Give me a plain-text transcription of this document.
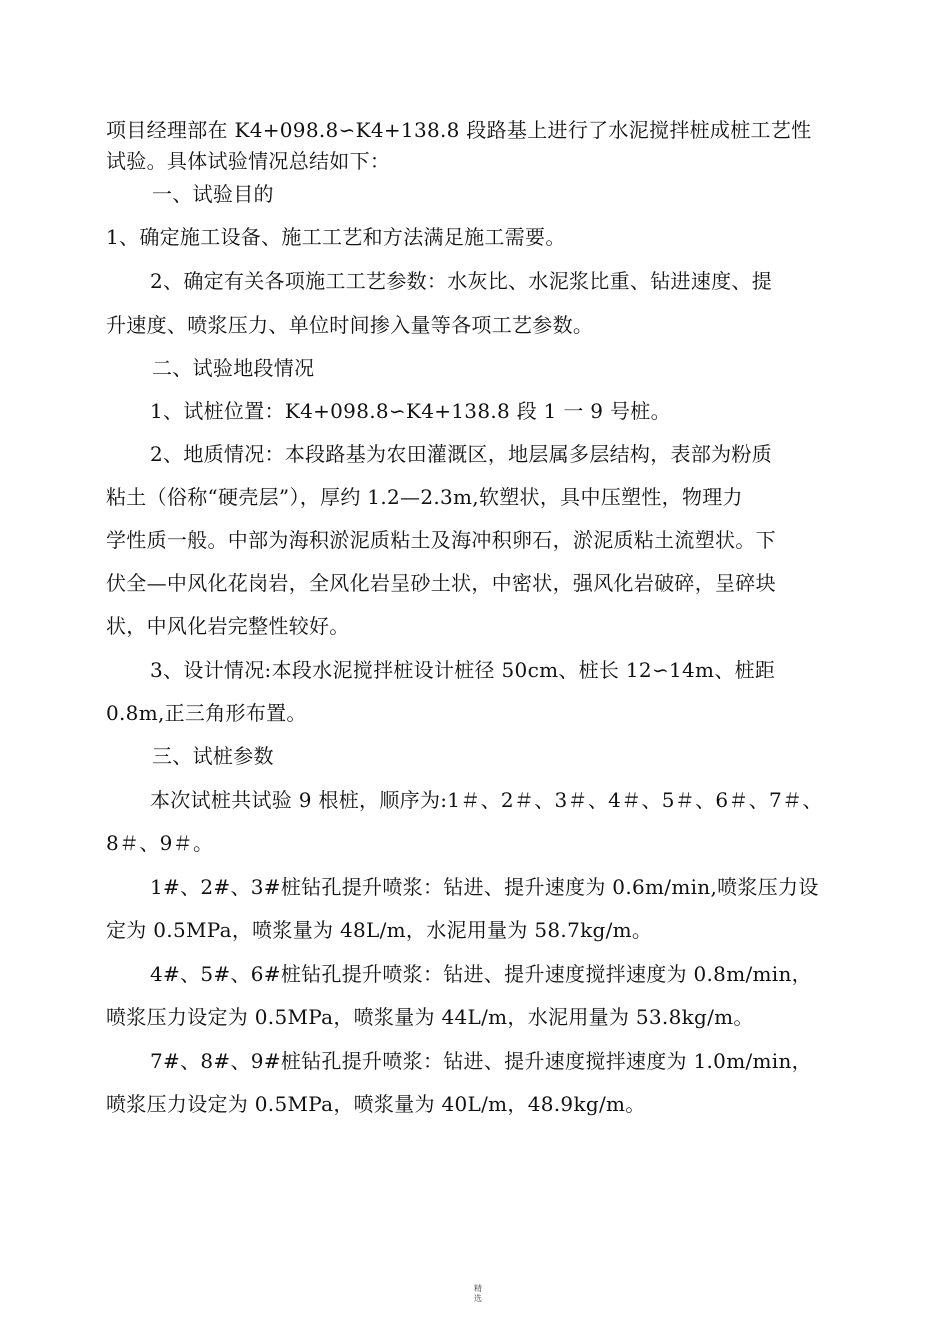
项目经理部在 K4+098.8∽K4+138.8 段路基上进行了水泥搅拌桩成桩工艺性
试验。具体试验情况总结如下：
一、试验目的
1、确定施工设备、施工工艺和方法满足施工需要。
2、确定有关各项施工工艺参数：水灰比、水泥浆比重、钻进速度、提
升速度、喷浆压力、单位时间掺入量等各项工艺参数。
二、试验地段情况
1、试桩位置：K4+098.8∽K4+138.8 段 1 一 9 号桩。
2、地质情况：本段路基为农田灌溉区，地层属多层结构，表部为粉质
粘土（俗称“硬壳层”），厚约 1.2—2.3m,软塑状，具中压塑性，物理力
学性质一般。中部为海积淤泥质粘土及海冲积卵石，淤泥质粘土流塑状。下
伏全—中风化花岗岩，全风化岩呈砂土状，中密状，强风化岩破碎，呈碎块
状，中风化岩完整性较好。
3、设计情况:本段水泥搅拌桩设计桩径 50cm、桩长 12∽14m、桩距
0.8m,正三角形布置。
三、试桩参数
本次试桩共试验 9 根桩，顺序为:1＃、2＃、3＃、4＃、5＃、6＃、7＃、
8＃、9＃。
1#、2#、3#桩钻孔提升喷浆：钻进、提升速度为 0.6m/min,喷浆压力设
定为 0.5MPa，喷浆量为 48L/m，水泥用量为 58.7kg/m。
4#、5#、6#桩钻孔提升喷浆：钻进、提升速度搅拌速度为 0.8m/min，
喷浆压力设定为 0.5MPa，喷浆量为 44L/m，水泥用量为 53.8kg/m。
7#、8#、9#桩钻孔提升喷浆：钻进、提升速度搅拌速度为 1.0m/min，
喷浆压力设定为 0.5MPa，喷浆量为 40L/m，48.9kg/m。
精
选
